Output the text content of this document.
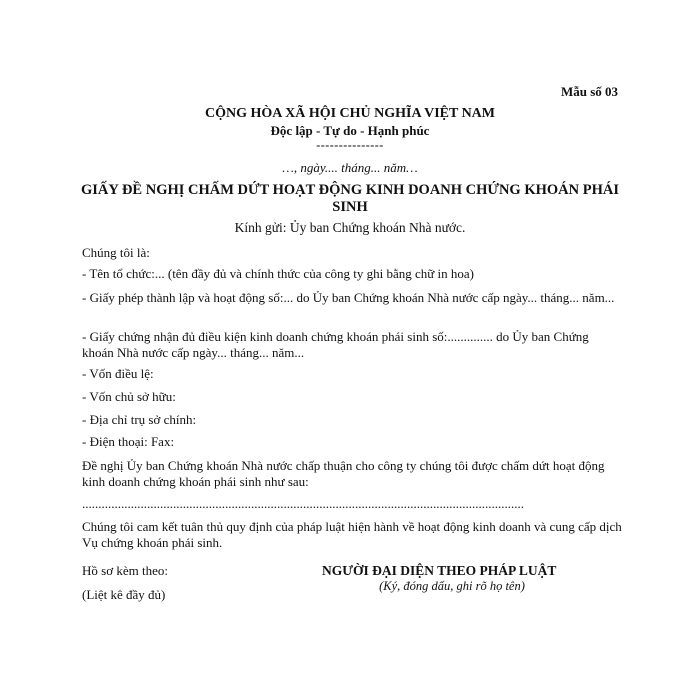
Mẫu số 03
CỘNG HÒA XÃ HỘI CHỦ NGHĨA VIỆT NAM
Độc lập - Tự do - Hạnh phúc
---------------
…, ngày.... tháng... năm…
GIẤY ĐỀ NGHỊ CHẤM DỨT HOẠT ĐỘNG KINH DOANH CHỨNG KHOÁN PHÁI
SINH
Kính gửi: Ủy ban Chứng khoán Nhà nước.
Chúng tôi là:
- Tên tổ chức:... (tên đầy đủ và chính thức của công ty ghi bằng chữ in hoa)
- Giấy phép thành lập và hoạt động số:... do Ủy ban Chứng khoán Nhà nước cấp ngày... tháng... năm...
- Giấy chứng nhận đủ điều kiện kinh doanh chứng khoán phái sinh số:.............. do Ủy ban Chứng khoán Nhà nước cấp ngày... tháng... năm...
- Vốn điều lệ:
- Vốn chủ sở hữu:
- Địa chỉ trụ sở chính:
- Điện thoại: Fax:
Đề nghị Ủy ban Chứng khoán Nhà nước chấp thuận cho công ty chúng tôi được chấm dứt hoạt động kinh doanh chứng khoán phái sinh như sau:
........................................................................................................................................
Chúng tôi cam kết tuân thủ quy định của pháp luật hiện hành về hoạt động kinh doanh và cung cấp dịch Vụ chứng khoán phái sinh.
Hồ sơ kèm theo:
(Liệt kê đầy đủ)
NGƯỜI ĐẠI DIỆN THEO PHÁP LUẬT
(Ký, đóng dấu, ghi rõ họ tên)
